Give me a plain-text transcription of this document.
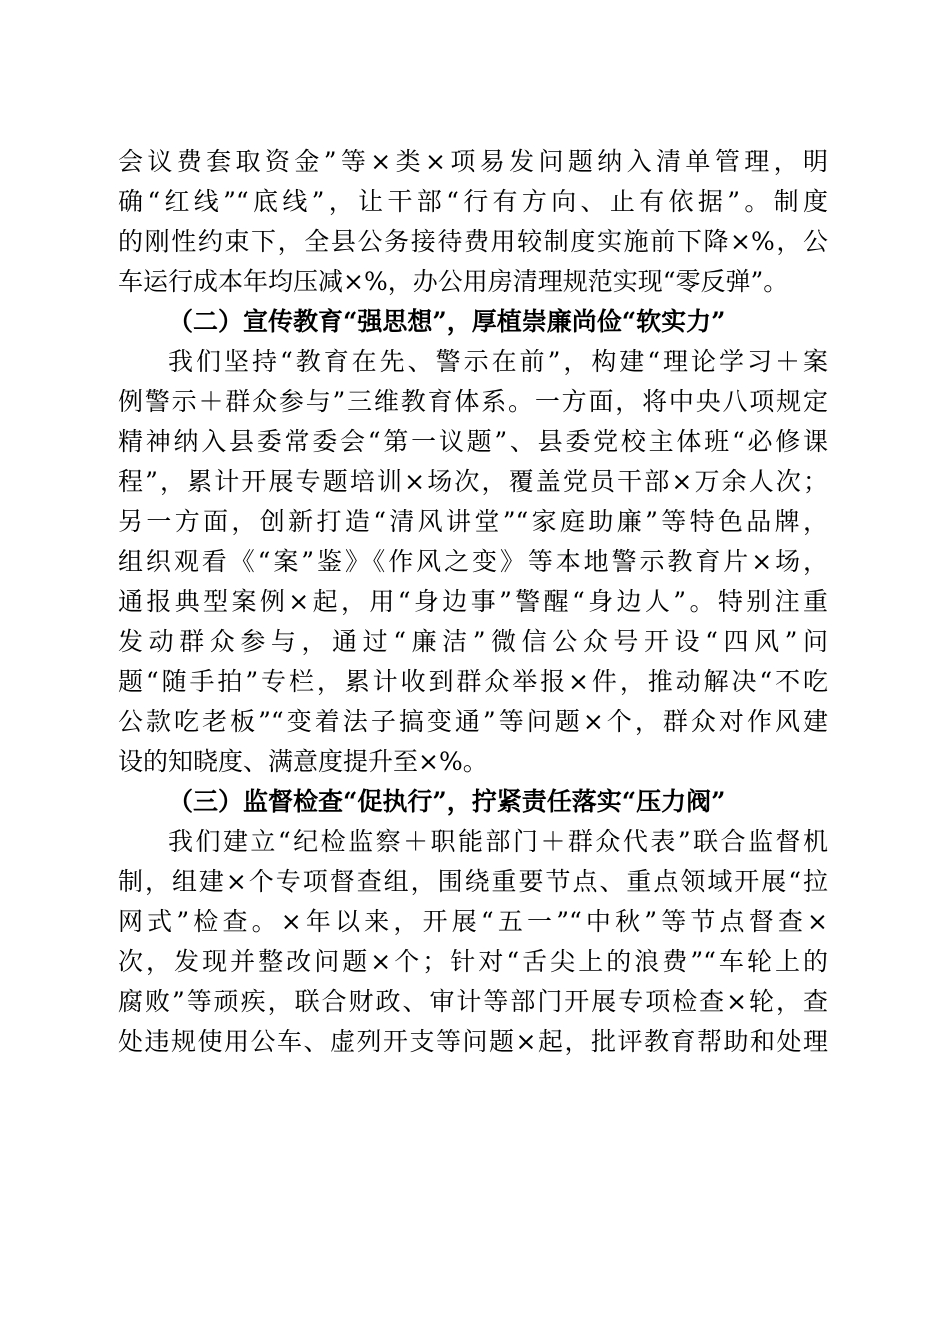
会议费套取资金”等×类×项易发问题纳入清单管理，明
确“红线”“底线”，让干部“行有方向、止有依据”。制度
的刚性约束下，全县公务接待费用较制度实施前下降×%，公
车运行成本年均压减×%，办公用房清理规范实现“零反弹”。
（二）宣传教育“强思想”，厚植崇廉尚俭“软实力”
我们坚持“教育在先、警示在前”，构建“理论学习＋案
例警示＋群众参与”三维教育体系。一方面，将中央八项规定
精神纳入县委常委会“第一议题”、县委党校主体班“必修课
程”，累计开展专题培训×场次，覆盖党员干部×万余人次；
另一方面，创新打造“清风讲堂”“家庭助廉”等特色品牌，
组织观看《“案”鉴》《作风之变》等本地警示教育片×场，
通报典型案例×起，用“身边事”警醒“身边人”。特别注重
发动群众参与，通过“廉洁”微信公众号开设“四风”问
题“随手拍”专栏，累计收到群众举报×件，推动解决“不吃
公款吃老板”“变着法子搞变通”等问题×个，群众对作风建
设的知晓度、满意度提升至×%。
（三）监督检查“促执行”，拧紧责任落实“压力阀”
我们建立“纪检监察＋职能部门＋群众代表”联合监督机
制，组建×个专项督查组，围绕重要节点、重点领域开展“拉
网式”检查。×年以来，开展“五一”“中秋”等节点督查×
次，发现并整改问题×个；针对“舌尖上的浪费”“车轮上的
腐败”等顽疾，联合财政、审计等部门开展专项检查×轮，查
处违规使用公车、虚列开支等问题×起，批评教育帮助和处理
